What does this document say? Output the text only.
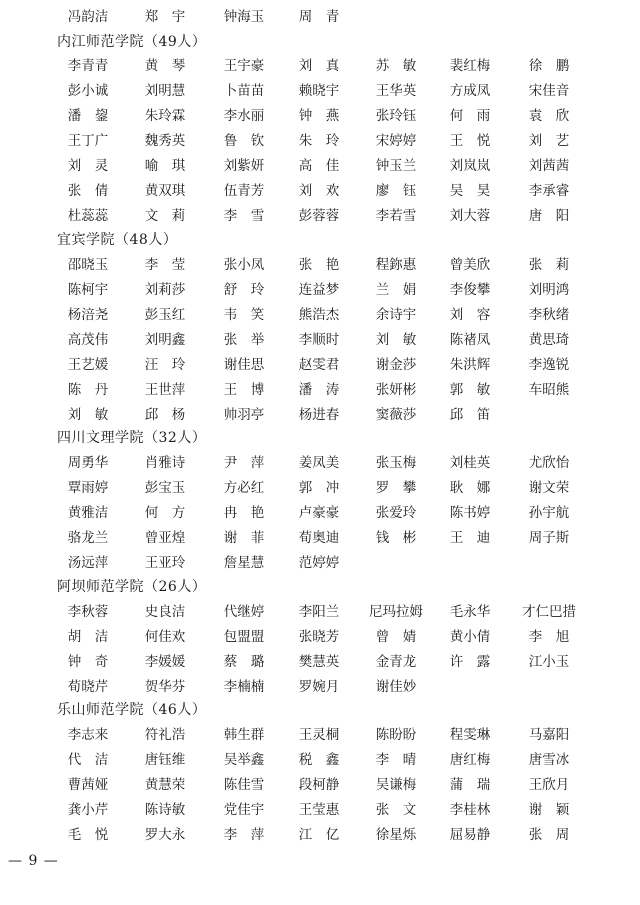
冯韵洁	郑　宇	钟海玉	周　青
内江师范学院（49人）
李青青	黄　琴	王宇豪	刘　真	苏　敏 裴红梅	徐　鹏
彭小诚	刘明慧	卜苗苗	赖晓宇	王华英 方成凤	宋佳音
潘　鋆	朱玲霖	李水丽	钟　燕	张玲钰 何　雨	袁　欣
王丁广	魏秀英	鲁　钦	朱　玲	宋婷婷 王　悦	刘　艺
刘　灵	喻　琪	刘紫妍	高　佳	钟玉兰 刘岚岚	刘茜茜
张　倩	黄双琪	伍青芳	刘　欢	廖　钰 吴　昊	李承睿
杜蕊蕊	文　莉	李　雪	彭蓉蓉	李若雪 刘大蓉	唐　阳
宜宾学院（48人）
邵晓玉	李　莹	张小凤	张　艳	程鉨惠 曾美欣	张　莉
陈柯宇	刘莉莎	舒　玲	连益梦	兰　娟 李俊攀	刘明鸿
杨涪尧	彭玉红	韦　笑	熊浩杰	余诗宇 刘　容	李秋绪
高茂伟	刘明鑫	张　举	李顺时	刘　敏 陈禇凤	黄思琦
王艺媛	汪　玲	谢佳思	赵雯君	谢金莎 朱洪辉	李逸锐
陈　丹	王世萍	王　博	潘　涛	张妍彬 郭　敏	车昭熊
刘　敏	邱　杨	帅羽亭	杨进春	窦薇莎 邱　笛
四川文理学院（32人）
周勇华	肖雅诗	尹　萍	姜凤美	张玉梅 刘桂英	尤欣怡
覃雨婷	彭宝玉	方必红	郭　冲	罗　攀 耿　娜	谢文荣
黄雅洁	何　方	冉　艳	卢豪豪	张爱玲 陈书婷	孙宇航
骆龙兰	曾亚煌	谢　菲	荀奥迪	钱　彬 王　迪	周子斯
汤远萍	王亚玲	詹星慧	范婷婷
阿坝师范学院（26人）
李秋蓉	史良洁	代继婷	李阳兰 尼玛拉姆 毛永华 才仁巴措
胡　洁	何佳欢	包盟盟	张晓芳	曾　婧 黄小倩	李　旭
钟　奇	李媛媛	蔡　璐	樊慧英	金青龙 许　露	江小玉
荀晓芹	贺华芬	李楠楠	罗婉月	谢佳妙
乐山师范学院（46人）
李志来	符礼浩	韩生群	王灵桐	陈盼盼 程雯琳	马嘉阳
代　洁	唐钰维	吴举鑫	税　鑫	李　晴 唐红梅	唐雪冰
曹茜娅	黄慧荣	陈佳雪	段柯静	吴谦梅 蒲　瑞	王欣月
龚小芹	陈诗敏	党佳宇	王莹惠	张　文 李桂林	谢　颖
毛　悦	罗大永	李　萍	江　亿	徐星烁 屈易静	张　周
— 9 —
